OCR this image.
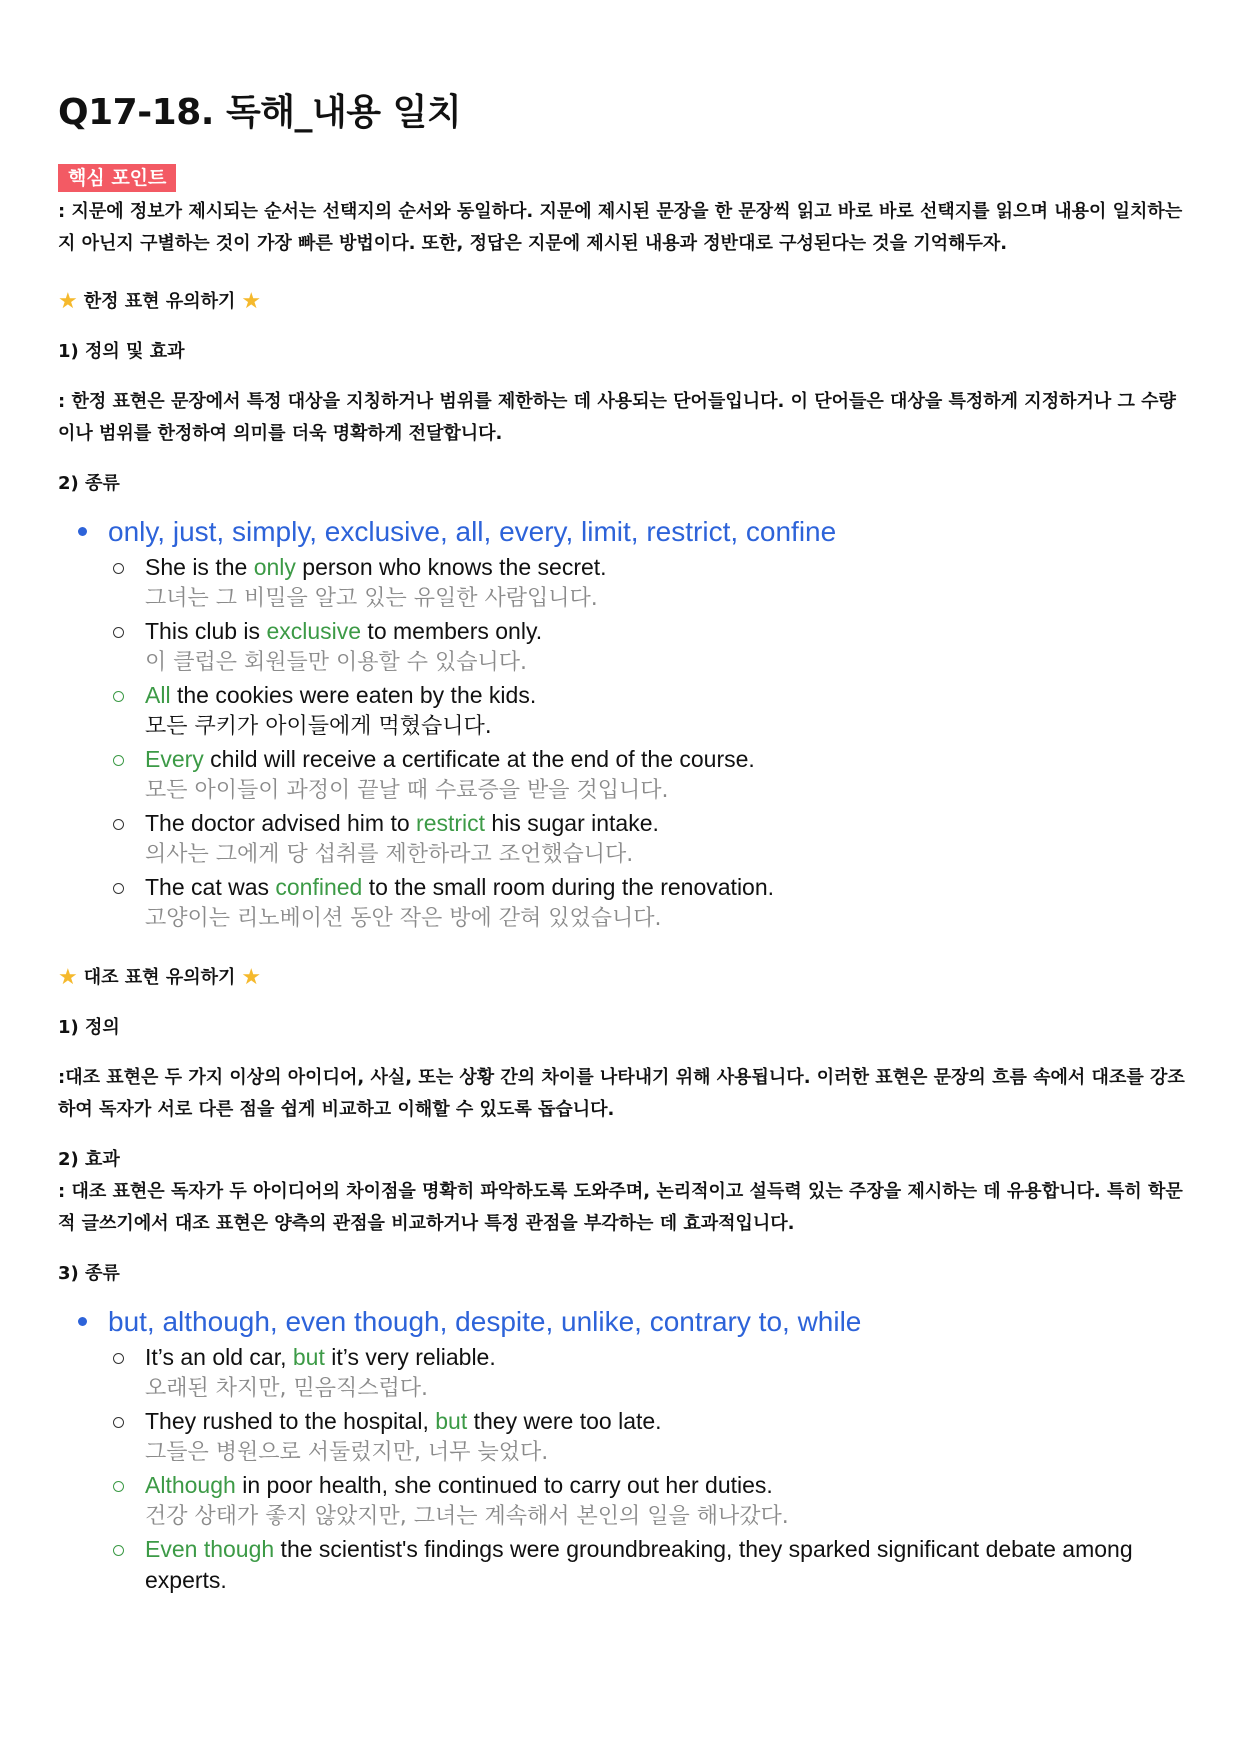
Q17-18. 독해_내용 일치
핵심 포인트

: 지문에 정보가 제시되는 순서는 선택지의 순서와 동일하다. 지문에 제시된 문장을 한 문장씩 읽고 바로 바로 선택지를 읽으며 내용이 일치하는지 아닌지 구별하는 것이 가장 빠른 방법이다. 또한, 정답은 지문에 제시된 내용과 정반대로 구성된다는 것을 기억해두자.

★ 한정 표현 유의하기 ★

1) 정의 및 효과

: 한정 표현은 문장에서 특정 대상을 지칭하거나 범위를 제한하는 데 사용되는 단어들입니다. 이 단어들은 대상을 특정하게 지정하거나 그 수량이나 범위를 한정하여 의미를 더욱 명확하게 전달합니다.

2) 종류

only, just, simply, exclusive, all, every, limit, restrict, confine
She is the only person who knows the secret.
그녀는 그 비밀을 알고 있는 유일한 사람입니다.
This club is exclusive to members only.
이 클럽은 회원들만 이용할 수 있습니다.
All the cookies were eaten by the kids.
모든 쿠키가 아이들에게 먹혔습니다.
Every child will receive a certificate at the end of the course.
모든 아이들이 과정이 끝날 때 수료증을 받을 것입니다.
The doctor advised him to restrict his sugar intake.
의사는 그에게 당 섭취를 제한하라고 조언했습니다.
The cat was confined to the small room during the renovation.
고양이는 리노베이션 동안 작은 방에 갇혀 있었습니다.
★ 대조 표현 유의하기 ★

1) 정의

:대조 표현은 두 가지 이상의 아이디어, 사실, 또는 상황 간의 차이를 나타내기 위해 사용됩니다. 이러한 표현은 문장의 흐름 속에서 대조를 강조하여 독자가 서로 다른 점을 쉽게 비교하고 이해할 수 있도록 돕습니다.

2) 효과

: 대조 표현은 독자가 두 아이디어의 차이점을 명확히 파악하도록 도와주며, 논리적이고 설득력 있는 주장을 제시하는 데 유용합니다. 특히 학문적 글쓰기에서 대조 표현은 양측의 관점을 비교하거나 특정 관점을 부각하는 데 효과적입니다.

3) 종류

but, although, even though, despite, unlike, contrary to, while
It’s an old car, but it’s very reliable.
오래된 차지만, 믿음직스럽다.
They rushed to the hospital, but they were too late.
그들은 병원으로 서둘렀지만, 너무 늦었다.
Although in poor health, she continued to carry out her duties.
건강 상태가 좋지 않았지만, 그녀는 계속해서 본인의 일을 해나갔다.
Even though the scientist's findings were groundbreaking, they sparked significant debate among experts.
